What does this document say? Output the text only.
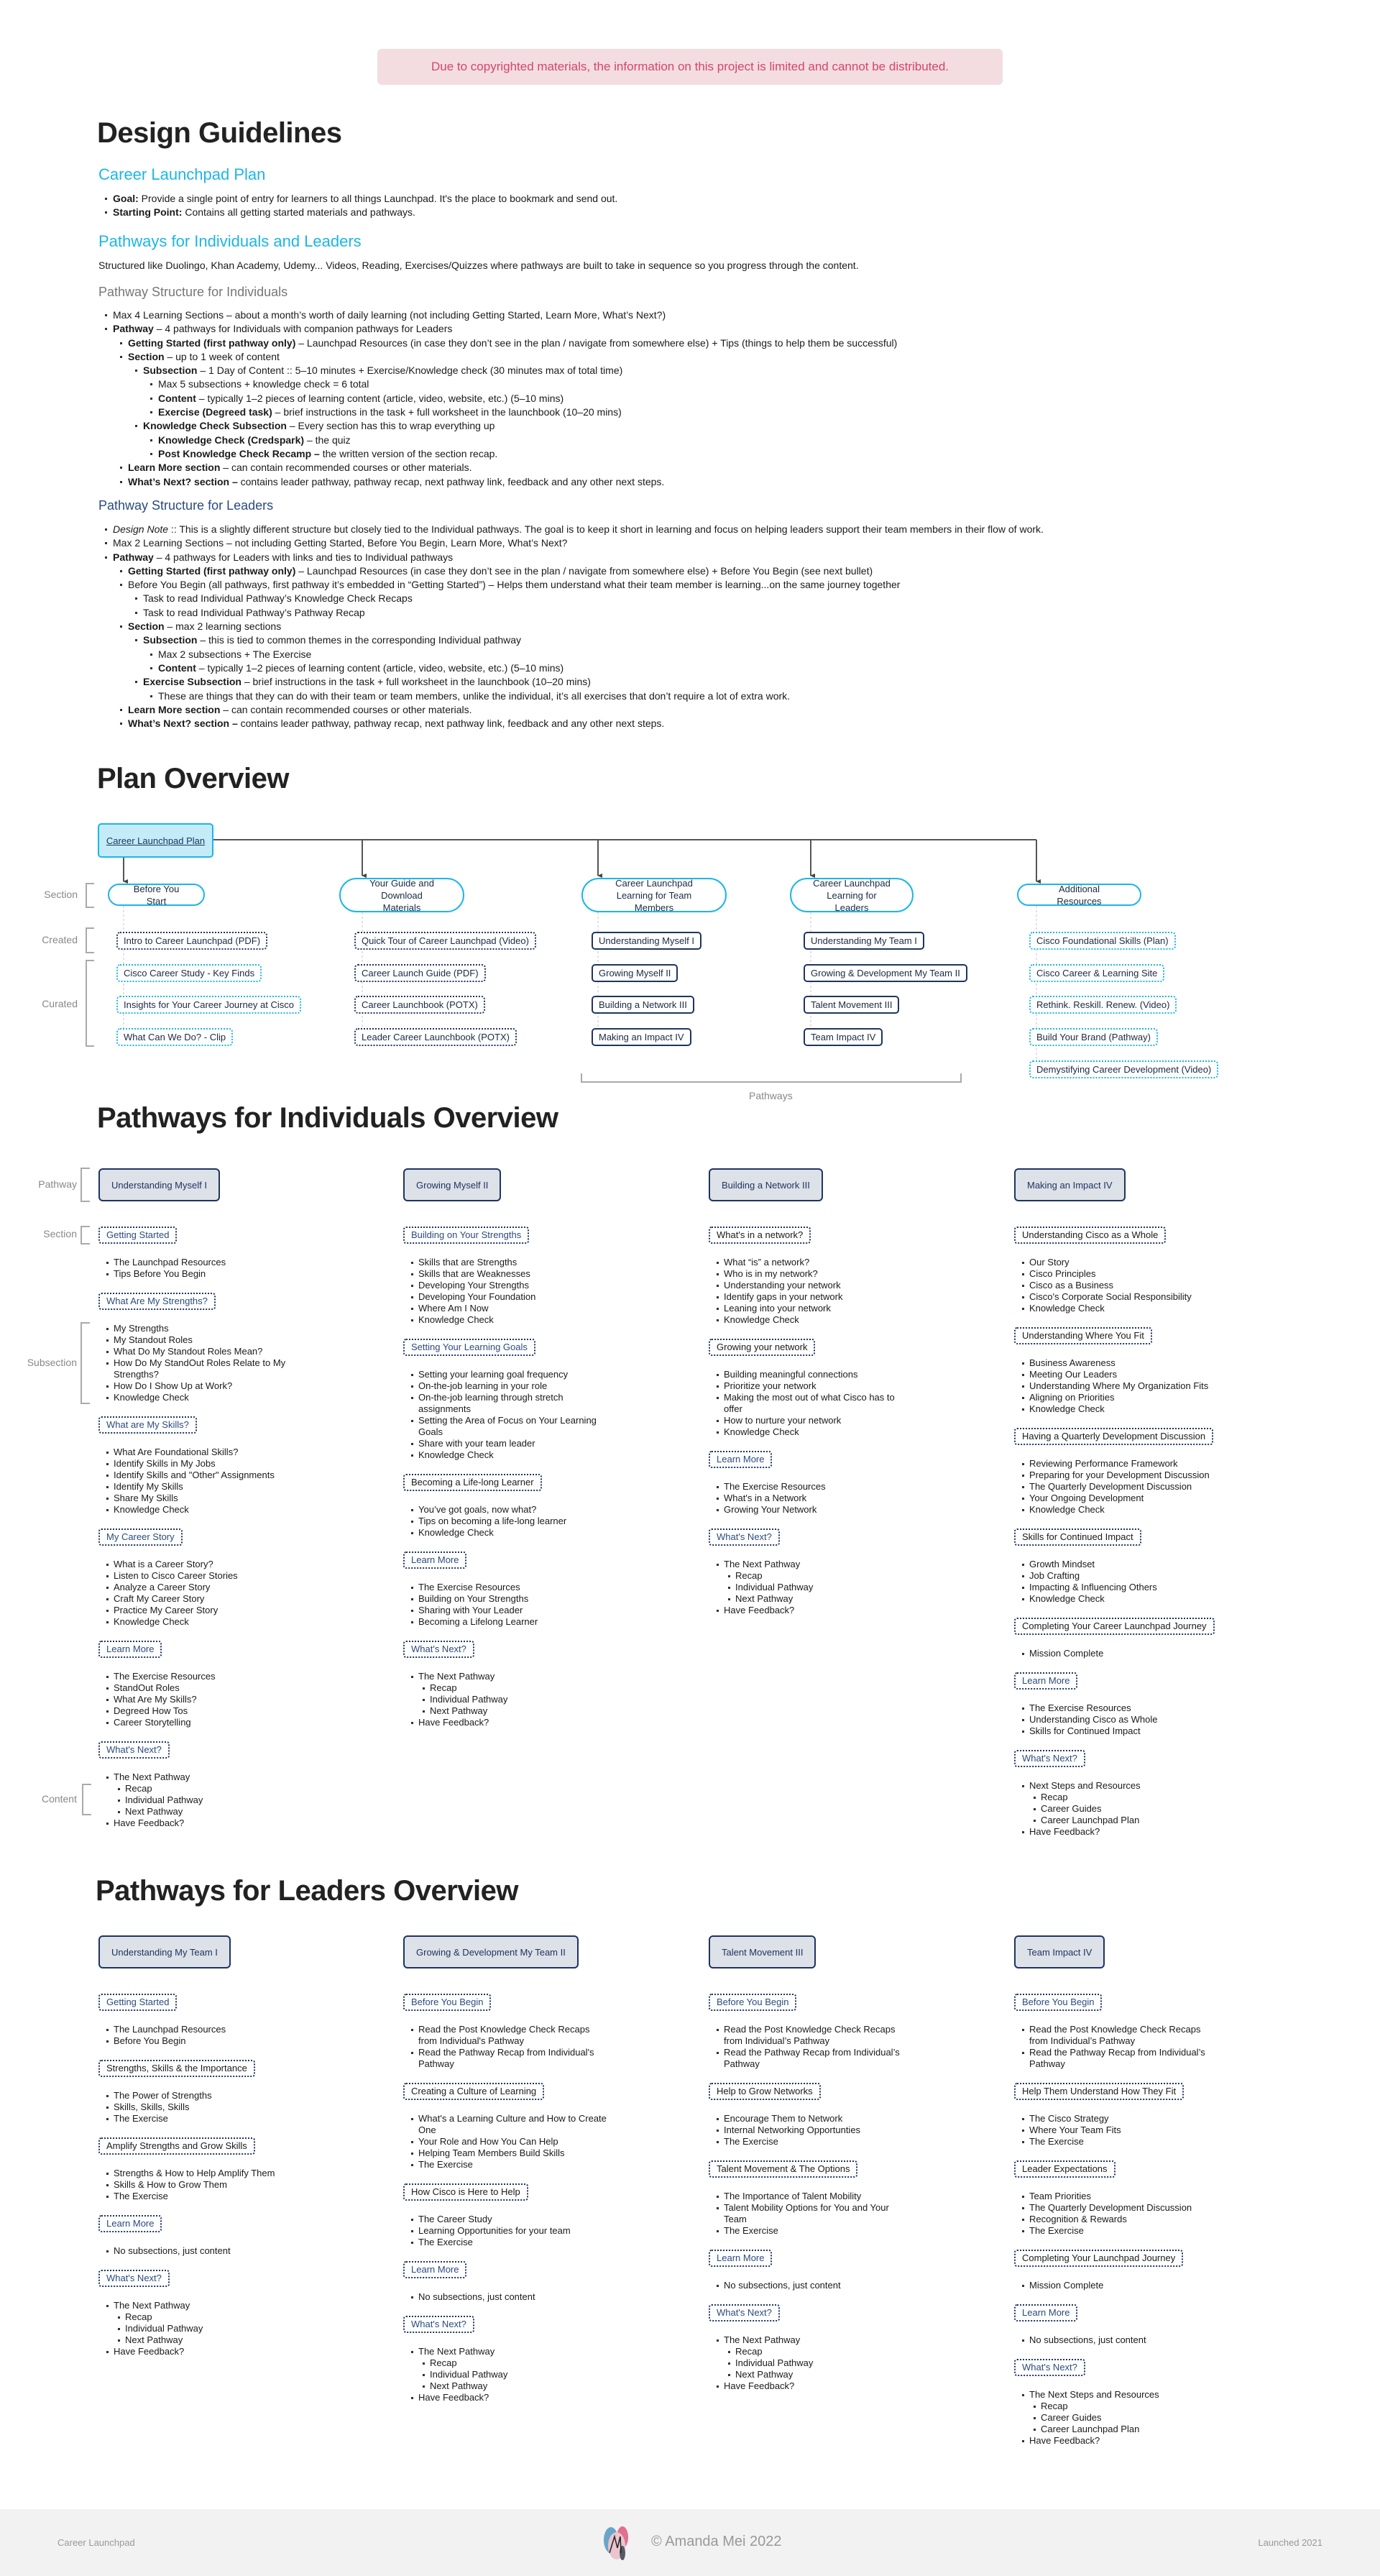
Due to copyrighted materials, the information on this project is limited and cannot be distributed.
Design Guidelines
Career Launchpad Plan
Goal: Provide a single point of entry for learners to all things Launchpad. It's the place to bookmark and send out.
Starting Point: Contains all getting started materials and pathways.
Pathways for Individuals and Leaders

Structured like Duolingo, Khan Academy, Udemy... Videos, Reading, Exercises/Quizzes where pathways are built to take in sequence so you progress through the content.

Pathway Structure for Individuals
Max 4 Learning Sections – about a month’s worth of daily learning (not including Getting Started, Learn More, What’s Next?)
Pathway – 4 pathways for Individuals with companion pathways for Leaders
Getting Started (first pathway only) – Launchpad Resources (in case they don’t see in the plan / navigate from somewhere else) + Tips (things to help them be successful)
Section – up to 1 week of content
Subsection – 1 Day of Content :: 5–10 minutes + Exercise/Knowledge check (30 minutes max of total time)
Max 5 subsections + knowledge check = 6 total
Content – typically 1–2 pieces of learning content (article, video, website, etc.) (5–10 mins)
Exercise (Degreed task) – brief instructions in the task + full worksheet in the launchbook (10–20 mins)
Knowledge Check Subsection – Every section has this to wrap everything up
Knowledge Check (Credspark) – the quiz
Post Knowledge Check Recamp – the written version of the section recap.
Learn More section – can contain recommended courses or other materials.
What’s Next? section – contains leader pathway, pathway recap, next pathway link, feedback and any other next steps.
Pathway Structure for Leaders
Design Note :: This is a slightly different structure but closely tied to the Individual pathways. The goal is to keep it short in learning and focus on helping leaders support their team members in their flow of work.
Max 2 Learning Sections – not including Getting Started, Before You Begin, Learn More, What’s Next?
Pathway – 4 pathways for Leaders with links and ties to Individual pathways
Getting Started (first pathway only) – Launchpad Resources (in case they don’t see in the plan / navigate from somewhere else) + Before You Begin (see next bullet)
Before You Begin (all pathways, first pathway it’s embedded in “Getting Started”) – Helps them understand what their team member is learning...on the same journey together
Task to read Individual Pathway’s Knowledge Check Recaps
Task to read Individual Pathway’s Pathway Recap
Section – max 2 learning sections
Subsection – this is tied to common themes in the corresponding Individual pathway
Max 2 subsections + The Exercise
Content – typically 1–2 pieces of learning content (article, video, website, etc.) (5–10 mins)
Exercise Subsection – brief instructions in the task + full worksheet in the launchbook (10–20 mins)
These are things that they can do with their team or team members, unlike the individual, it’s all exercises that don’t require a lot of extra work.
Learn More section – can contain recommended courses or other materials.
What’s Next? section – contains leader pathway, pathway recap, next pathway link, feedback and any other next steps.
Plan Overview
Section
Created
Curated
Pathways
Career Launchpad Plan
Before You Start
Intro to Career Launchpad (PDF)
Cisco Career Study - Key Finds
Insights for Your Career Journey at Cisco
What Can We Do? - Clip
Your Guide and Download Materials
Quick Tour of Career Launchpad (Video)
Career Launch Guide (PDF)
Career Launchbook (POTX)
Leader Career Launchbook (POTX)
Career Launchpad Learning for Team Members
Understanding Myself I
Growing Myself II
Building a Network III
Making an Impact IV
Career Launchpad Learning for Leaders
Understanding My Team I
Growing & Development My Team II
Talent Movement III
Team Impact IV
Additional Resources
Cisco Foundational Skills (Plan)
Cisco Career & Learning Site
Rethink. Reskill. Renew. (Video)
Build Your Brand (Pathway)
Demystifying Career Development (Video)
Pathways for Individuals Overview
Pathway
Section
Subsection
Content
Understanding Myself I
Getting Started
The Launchpad Resources
Tips Before You Begin
What Are My Strengths?
My Strengths
My Standout Roles
What Do My Standout Roles Mean?
How Do My StandOut Roles Relate to My Strengths?
How Do I Show Up at Work?
Knowledge Check
What are My Skills?
What Are Foundational Skills?
Identify Skills in My Jobs
Identify Skills and "Other" Assignments
Identify My Skills
Share My Skills
Knowledge Check
My Career Story
What is a Career Story?
Listen to Cisco Career Stories
Analyze a Career Story
Craft My Career Story
Practice My Career Story
Knowledge Check
Learn More
The Exercise Resources
StandOut Roles
What Are My Skills?
Degreed How Tos
Career Storytelling
What's Next?
The Next Pathway
Recap
Individual Pathway
Next Pathway
Have Feedback?
Growing Myself II
Building on Your Strengths
Skills that are Strengths
Skills that are Weaknesses
Developing Your Strengths
Developing Your Foundation
Where Am I Now
Knowledge Check
Setting Your Learning Goals
Setting your learning goal frequency
On-the-job learning in your role
On-the-job learning through stretch assignments
Setting the Area of Focus on Your Learning Goals
Share with your team leader
Knowledge Check
Becoming a Life-long Learner
You’ve got goals, now what?
Tips on becoming a life-long learner
Knowledge Check
Learn More
The Exercise Resources
Building on Your Strengths
Sharing with Your Leader
Becoming a Lifelong Learner
What's Next?
The Next Pathway
Recap
Individual Pathway
Next Pathway
Have Feedback?
Building a Network III
What's in a network?
What “is” a network?
Who is in my network?
Understanding your network
Identify gaps in your network
Leaning into your network
Knowledge Check
Growing your network
Building meaningful connections
Prioritize your network
Making the most out of what Cisco has to offer
How to nurture your network
Knowledge Check
Learn More
The Exercise Resources
What's in a Network
Growing Your Network
What's Next?
The Next Pathway
Recap
Individual Pathway
Next Pathway
Have Feedback?
Making an Impact IV
Understanding Cisco as a Whole
Our Story
Cisco Principles
Cisco as a Business
Cisco's Corporate Social Responsibility
Knowledge Check
Understanding Where You Fit
Business Awareness
Meeting Our Leaders
Understanding Where My Organization Fits
Aligning on Priorities
Knowledge Check
Having a Quarterly Development Discussion
Reviewing Performance Framework
Preparing for your Development Discussion
The Quarterly Development Discussion
Your Ongoing Development
Knowledge Check
Skills for Continued Impact
Growth Mindset
Job Crafting
Impacting & Influencing Others
Knowledge Check
Completing Your Career Launchpad Journey
Mission Complete
Learn More
The Exercise Resources
Understanding Cisco as Whole
Skills for Continued Impact
What's Next?
Next Steps and Resources
Recap
Career Guides
Career Launchpad Plan
Have Feedback?
Pathways for Leaders Overview
Understanding My Team I
Getting Started
The Launchpad Resources
Before You Begin
Strengths, Skills & the Importance
The Power of Strengths
Skills, Skills, Skills
The Exercise
Amplify Strengths and Grow Skills
Strengths & How to Help Amplify Them
Skills & How to Grow Them
The Exercise
Learn More
No subsections, just content
What's Next?
The Next Pathway
Recap
Individual Pathway
Next Pathway
Have Feedback?
Growing & Development My Team II
Before You Begin
Read the Post Knowledge Check Recaps from Individual's Pathway
Read the Pathway Recap from Individual's Pathway
Creating a Culture of Learning
What's a Learning Culture and How to Create One
Your Role and How You Can Help
Helping Team Members Build Skills
The Exercise
How Cisco is Here to Help
The Career Study
Learning Opportunities for your team
The Exercise
Learn More
No subsections, just content
What's Next?
The Next Pathway
Recap
Individual Pathway
Next Pathway
Have Feedback?
Talent Movement III
Before You Begin
Read the Post Knowledge Check Recaps from Individual’s Pathway
Read the Pathway Recap from Individual’s Pathway
Help to Grow Networks
Encourage Them to Network
Internal Networking Opportunties
The Exercise
Talent Movement & The Options
The Importance of Talent Mobility
Talent Mobility Options for You and Your Team
The Exercise
Learn More
No subsections, just content
What's Next?
The Next Pathway
Recap
Individual Pathway
Next Pathway
Have Feedback?
Team Impact IV
Before You Begin
Read the Post Knowledge Check Recaps from Individual’s Pathway
Read the Pathway Recap from Individual’s Pathway
Help Them Understand How They Fit
The Cisco Strategy
Where Your Team Fits
The Exercise
Leader Expectations
Team Priorities
The Quarterly Development Discussion
Recognition & Rewards
The Exercise
Completing Your Launchpad Journey
Mission Complete
Learn More
No subsections, just content
What's Next?
The Next Steps and Resources
Recap
Career Guides
Career Launchpad Plan
Have Feedback?
Career Launchpad	© Amanda Mei 2022	Launched 2021
